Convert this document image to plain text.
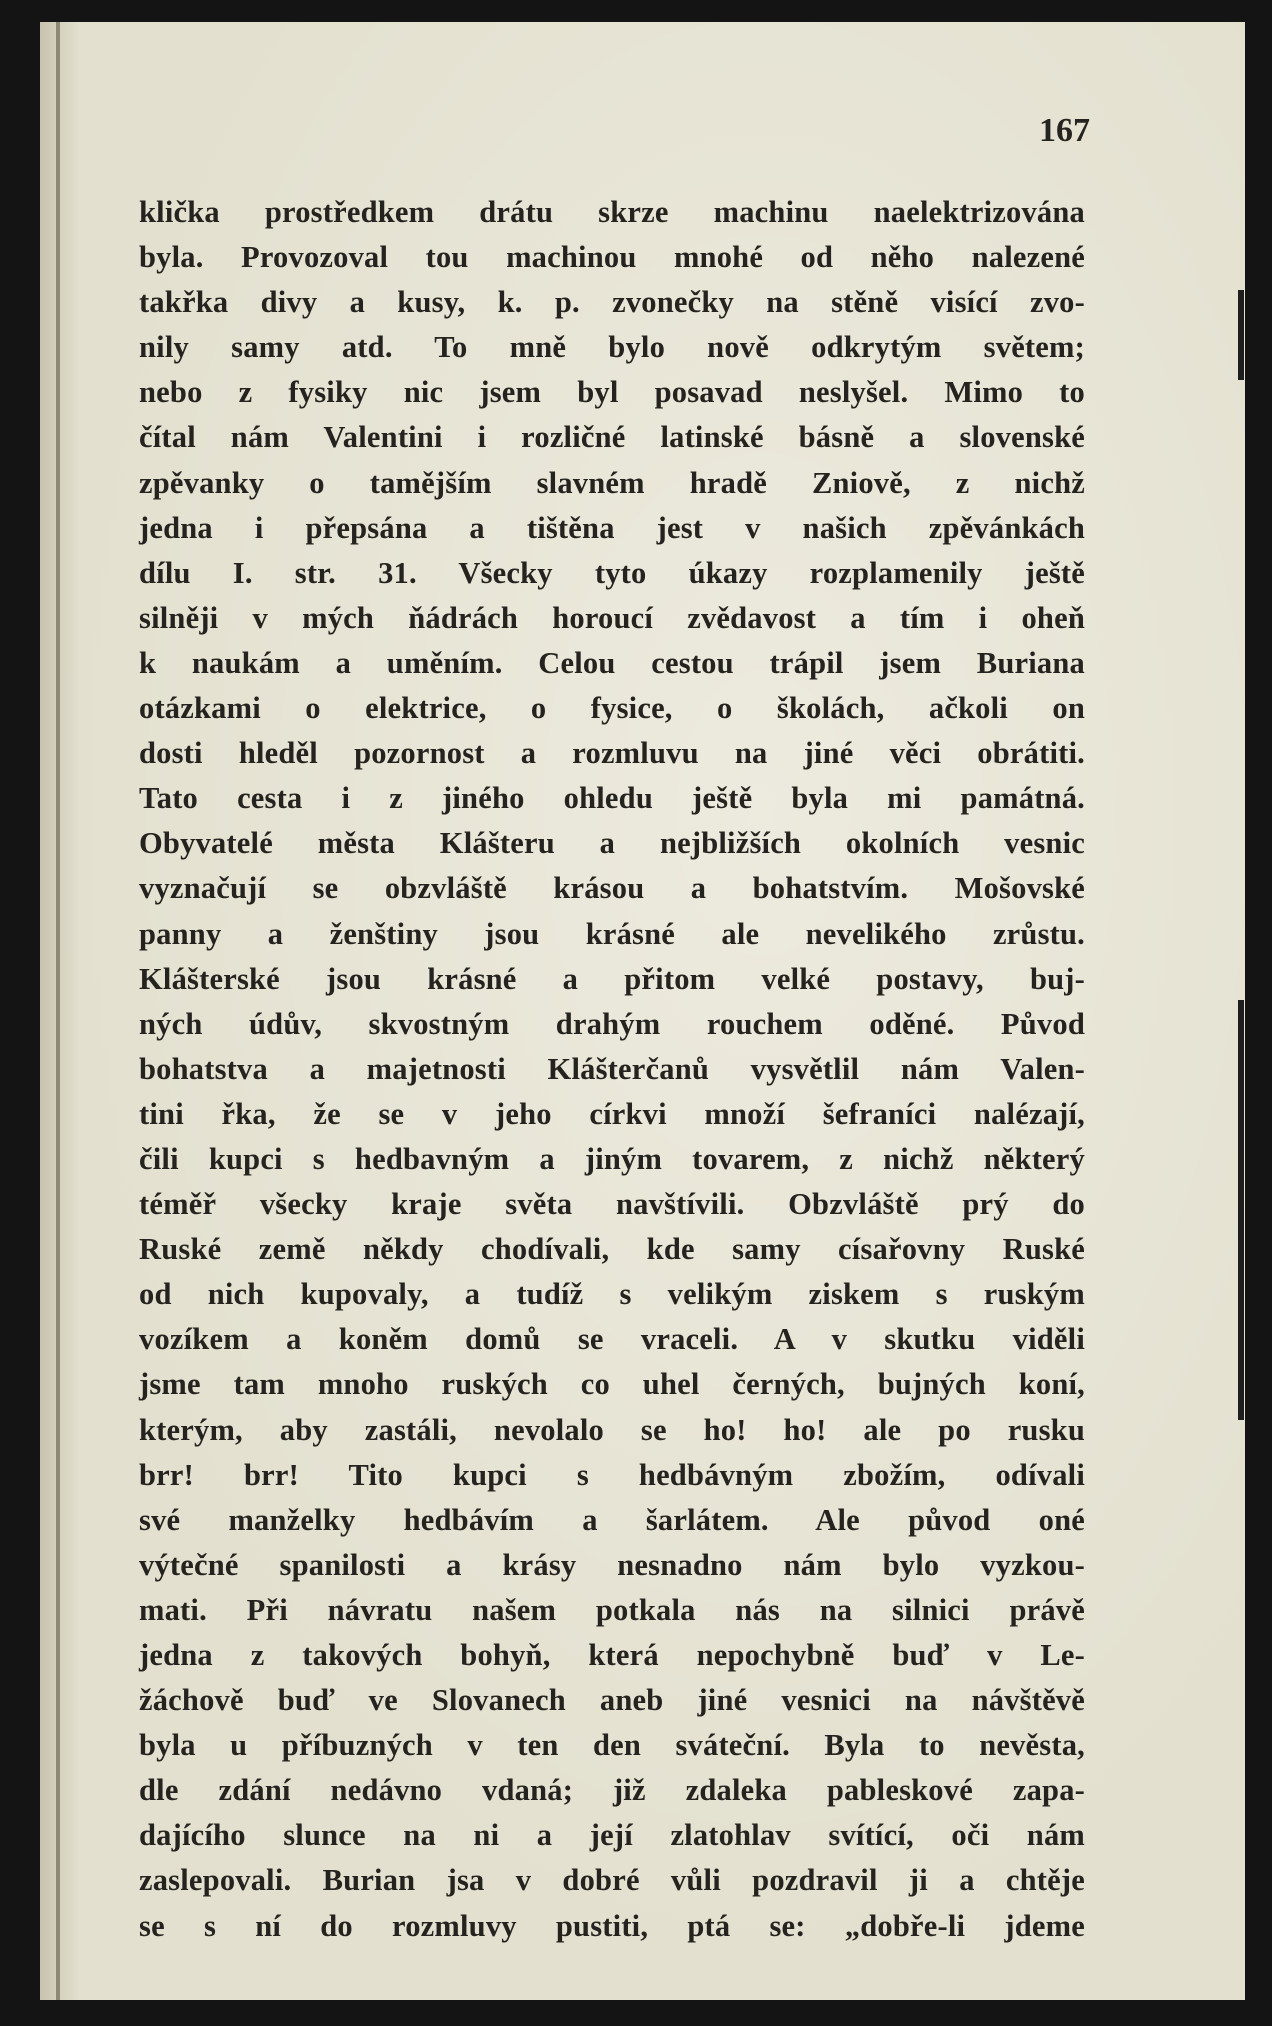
167
klička prostředkem drátu skrze machinu naelektrizována
byla. Provozoval tou machinou mnohé od něho nalezené
takřka divy a kusy, k. p. zvonečky na stěně visící zvo-
nily samy atd. To mně bylo nově odkrytým světem;
nebo z fysiky nic jsem byl posavad neslyšel. Mimo to
čítal nám Valentini i rozličné latinské básně a slovenské
zpěvanky o tamějším slavném hradě Zniově, z nichž
jedna i přepsána a tištěna jest v našich zpěvánkách
dílu I. str. 31. Všecky tyto úkazy rozplamenily ještě
silněji v mých ňádrách horoucí zvědavost a tím i oheň
k naukám a uměním. Celou cestou trápil jsem Buriana
otázkami o elektrice, o fysice, o školách, ačkoli on
dosti hleděl pozornost a rozmluvu na jiné věci obrátiti.
Tato cesta i z jiného ohledu ještě byla mi památná.
Obyvatelé města Klášteru a nejbližších okolních vesnic
vyznačují se obzvláště krásou a bohatstvím. Mošovské
panny a ženštiny jsou krásné ale nevelikého zrůstu.
Klášterské jsou krásné a přitom velké postavy, buj-
ných údův, skvostným drahým rouchem oděné. Původ
bohatstva a majetnosti Klášterčanů vysvětlil nám Valen-
tini řka, že se v jeho církvi množí šefraníci nalézají,
čili kupci s hedbavným a jiným tovarem, z nichž některý
téměř všecky kraje světa navštívili. Obzvláště prý do
Ruské země někdy chodívali, kde samy císařovny Ruské
od nich kupovaly, a tudíž s velikým ziskem s ruským
vozíkem a koněm domů se vraceli. A v skutku viděli
jsme tam mnoho ruských co uhel černých, bujných koní,
kterým, aby zastáli, nevolalo se ho! ho! ale po rusku
brr! brr! Tito kupci s hedbávným zbožím, odívali
své manželky hedbávím a šarlátem. Ale původ oné
výtečné spanilosti a krásy nesnadno nám bylo vyzkou-
mati. Při návratu našem potkala nás na silnici právě
jedna z takových bohyň, která nepochybně buď v Le-
žáchově buď ve Slovanech aneb jiné vesnici na návštěvě
byla u příbuzných v ten den sváteční. Byla to nevěsta,
dle zdání nedávno vdaná; již zdaleka pableskové zapa-
dajícího slunce na ni a její zlatohlav svítící, oči nám
zaslepovali. Burian jsa v dobré vůli pozdravil ji a chtěje
se s ní do rozmluvy pustiti, ptá se: „dobře-li jdeme
